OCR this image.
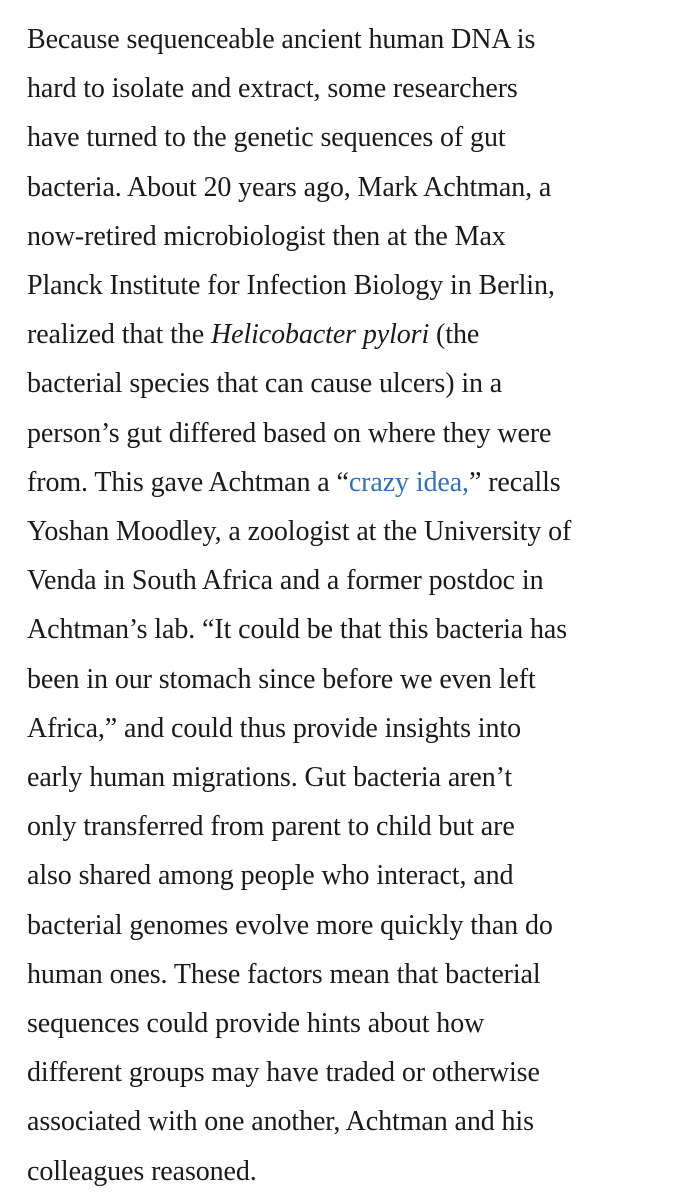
Because sequenceable ancient human DNA is
hard to isolate and extract, some researchers
have turned to the genetic sequences of gut
bacteria. About 20 years ago, Mark Achtman, a
now-retired microbiologist then at the Max
Planck Institute for Infection Biology in Berlin,
realized that the Helicobacter pylori (the
bacterial species that can cause ulcers) in a
person’s gut differed based on where they were
from. This gave Achtman a “crazy idea,” recalls
Yoshan Moodley, a zoologist at the University of
Venda in South Africa and a former postdoc in
Achtman’s lab. “It could be that this bacteria has
been in our stomach since before we even left
Africa,” and could thus provide insights into
early human migrations. Gut bacteria aren’t
only transferred from parent to child but are
also shared among people who interact, and
bacterial genomes evolve more quickly than do
human ones. These factors mean that bacterial
sequences could provide hints about how
different groups may have traded or otherwise
associated with one another, Achtman and his
colleagues reasoned.
